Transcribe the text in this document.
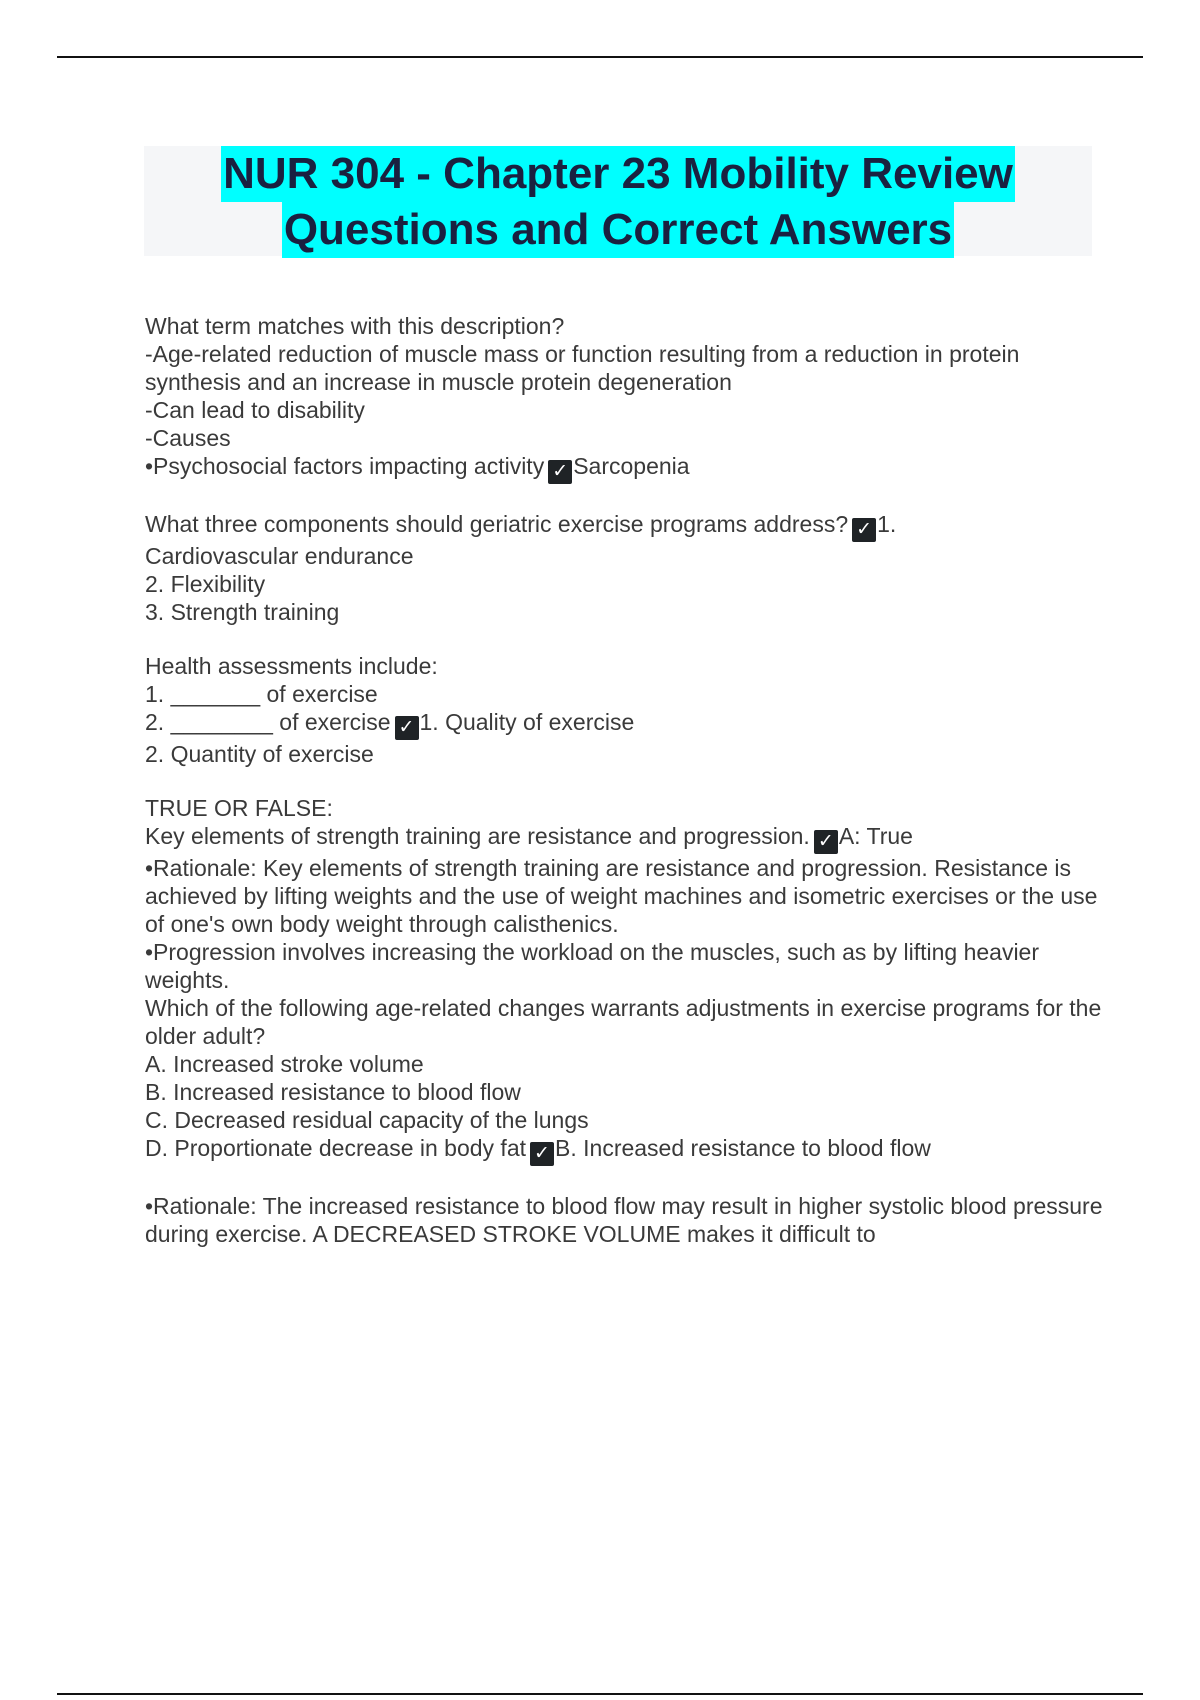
NUR 304 - Chapter 23 Mobility Review
Questions and Correct Answers

What term matches with this description?

-Age-related reduction of muscle mass or function resulting from a reduction in protein synthesis and an increase in muscle protein degeneration

-Can lead to disability

-Causes

•Psychosocial factors impacting activity ✓ Sarcopenia

What three components should geriatric exercise programs address? ✓ 1. Cardiovascular endurance

2. Flexibility

3. Strength training

Health assessments include:

1. _______ of exercise

2. ________ of exercise ✓ 1. Quality of exercise

2. Quantity of exercise

TRUE OR FALSE:

Key elements of strength training are resistance and progression. ✓ A: True

•Rationale: Key elements of strength training are resistance and progression. Resistance is achieved by lifting weights and the use of weight machines and isometric exercises or the use of one's own body weight through calisthenics.

•Progression involves increasing the workload on the muscles, such as by lifting heavier weights.

Which of the following age-related changes warrants adjustments in exercise programs for the older adult?

A. Increased stroke volume

B. Increased resistance to blood flow

C. Decreased residual capacity of the lungs

D. Proportionate decrease in body fat ✓ B. Increased resistance to blood flow

•Rationale: The increased resistance to blood flow may result in higher systolic blood pressure during exercise. A DECREASED STROKE VOLUME makes it difficult to
